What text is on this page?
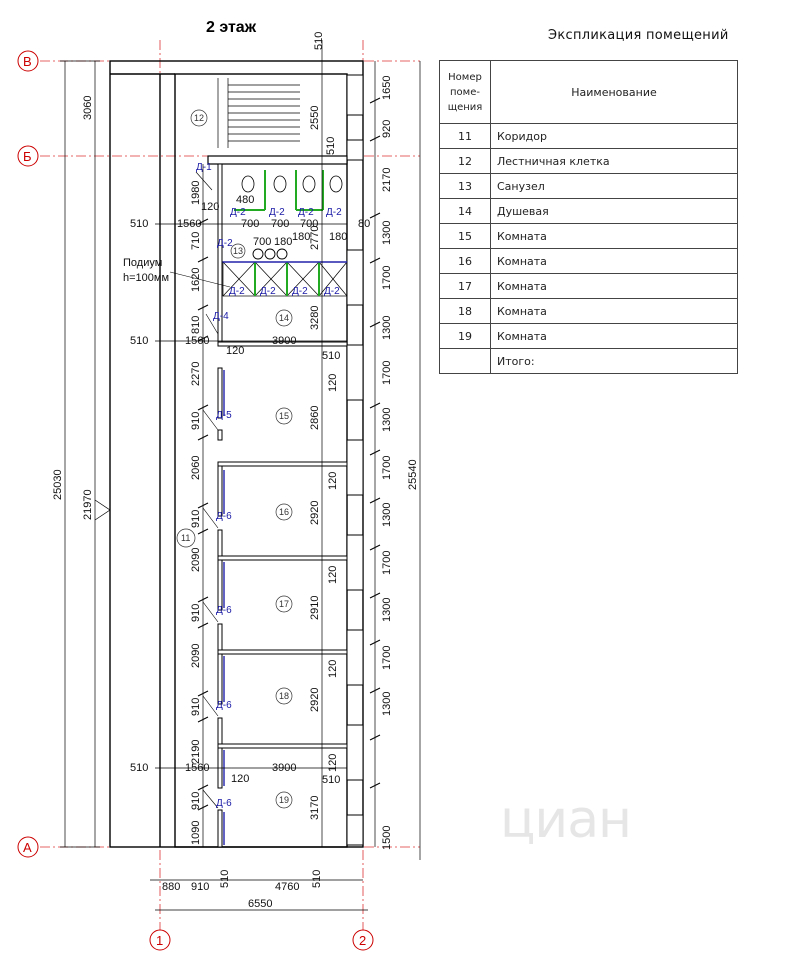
2 этаж
В
Б
А
1	2
12
13
14
15
16
17
18
19
11
Д-1
Д-2 Д-2 Д-2 Д-2
Д-2
Д-2 Д-2 Д-2 Д-2
Д-4
Д-5
Д-6
Д-6
Д-6
Д-6
Подиум
h=100мм
25030
21970
3060
25540
510
2550
1980
710
1620
810
2270
910
2060
910
2090
910
2090
910
2190
910
1090
1650
920
2170
1300
1700
1300
1700
1300
1700
1300
1700
1300
1700
1300
1500
510
2770
3280
2860
2920
2910
2920
3170
120
120
120
120
120
120
120
120
480
510	1560	700 700 700	80
700 180 180 180
510	1560	3900
510
510	1560	3900
510
880 910 510	4760 510
6550
Экспликация помещений
Номер
поме-
щения	Наименование
11	Коридор
12	Лестничная клетка
13	Санузел
14	Душевая
15	Комната
16	Комната
17	Комната
18	Комната
19	Комната
	Итого:
циан
